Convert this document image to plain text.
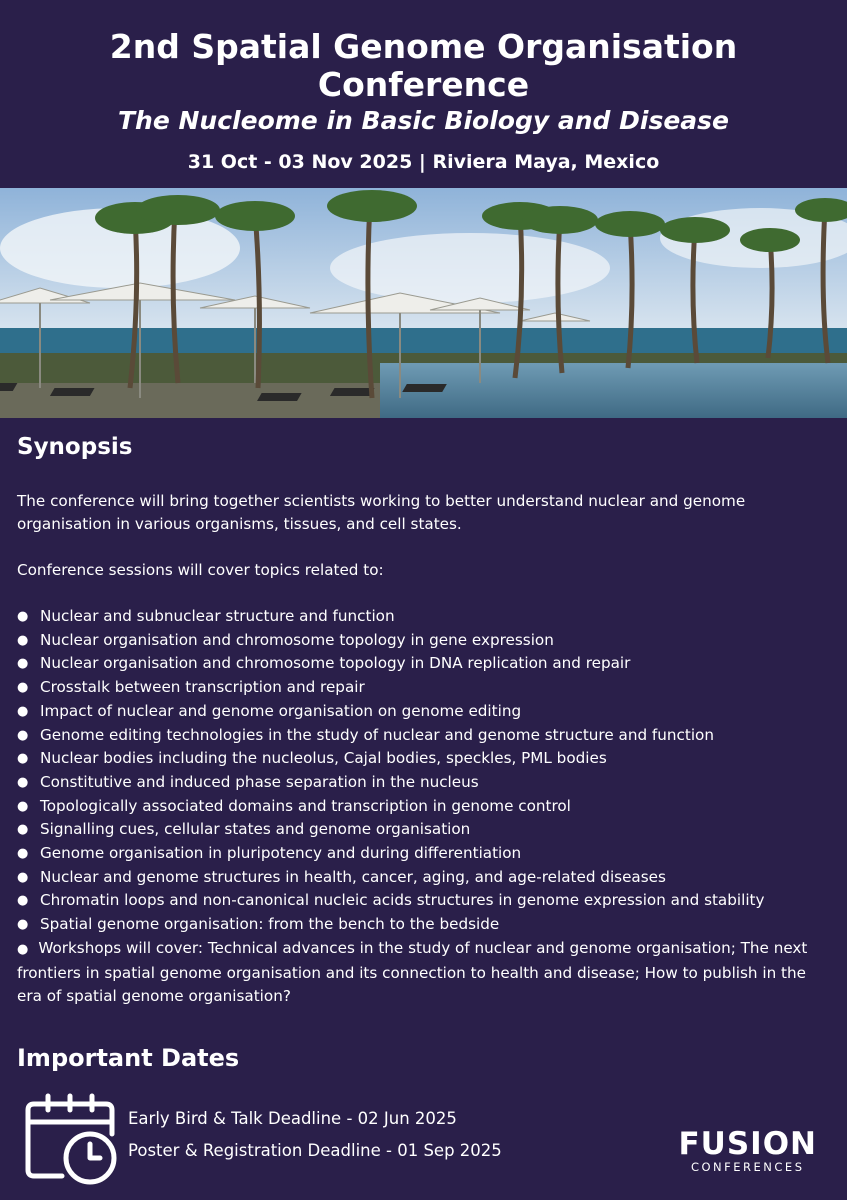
2nd Spatial Genome Organisation Conference
The Nucleome in Basic Biology and Disease
31 Oct - 03 Nov 2025 | Riviera Maya, Mexico
Synopsis

The conference will bring together scientists working to better understand nuclear and genome organisation in various organisms, tissues, and cell states.

Conference sessions will cover topics related to:

● Nuclear and subnuclear structure and function
● Nuclear organisation and chromosome topology in gene expression
● Nuclear organisation and chromosome topology in DNA replication and repair
● Crosstalk between transcription and repair
● Impact of nuclear and genome organisation on genome editing
● Genome editing technologies in the study of nuclear and genome structure and function
● Nuclear bodies including the nucleolus, Cajal bodies, speckles, PML bodies
● Constitutive and induced phase separation in the nucleus
● Topologically associated domains and transcription in genome control
● Signalling cues, cellular states and genome organisation
● Genome organisation in pluripotency and during differentiation
● Nuclear and genome structures in health, cancer, aging, and age-related diseases
● Chromatin loops and non-canonical nucleic acids structures in genome expression and stability
● Spatial genome organisation: from the bench to the bedside
● Workshops will cover: Technical advances in the study of nuclear and genome organisation; The next frontiers in spatial genome organisation and its connection to health and disease; How to publish in the era of spatial genome organisation?
Important Dates

Early Bird & Talk Deadline - 02 Jun 2025

Poster & Registration Deadline - 01 Sep 2025	FUSION
CONFERENCES
